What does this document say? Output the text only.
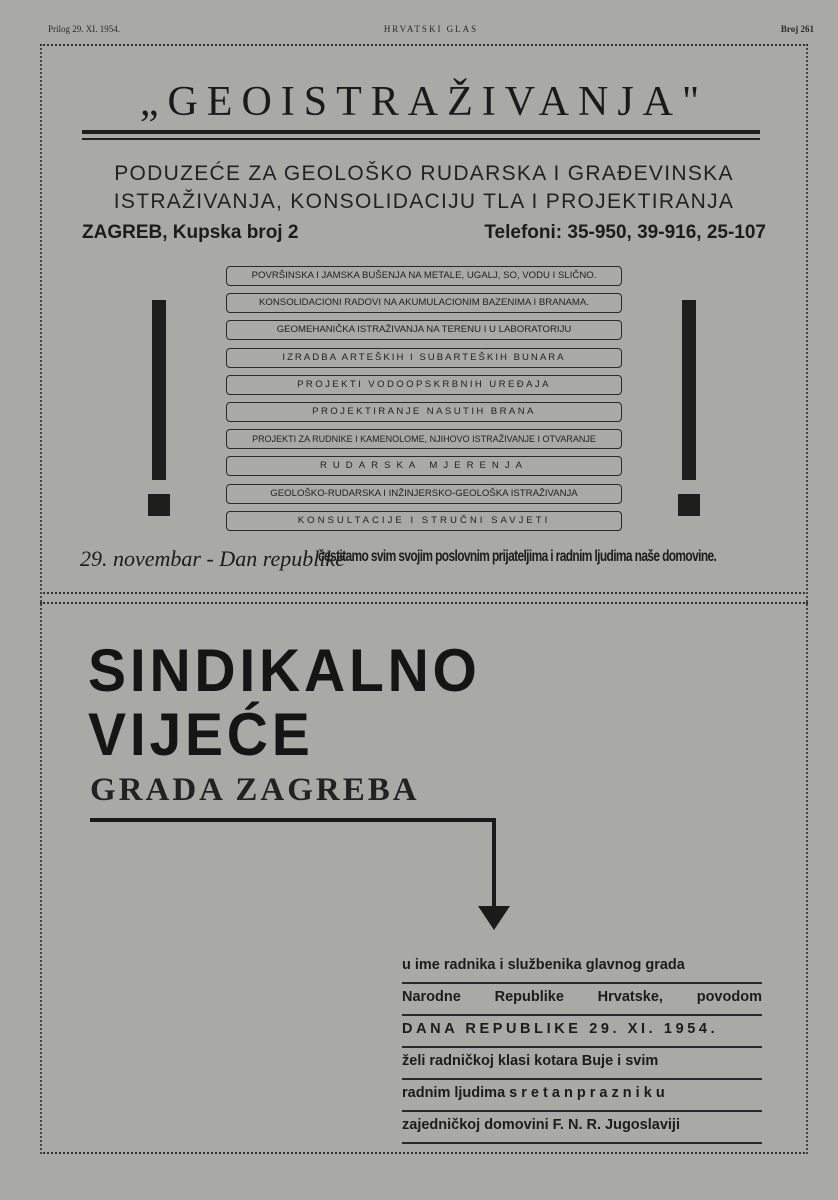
Prilog 29. XI. 1954.	HRVATSKI GLAS	Broj 261
„GEOISTRAŽIVANJA"
PODUZEĆE ZA GEOLOŠKO RUDARSKA I GRAĐEVINSKA
ISTRAŽIVANJA, KONSOLIDACIJU TLA I PROJEKTIRANJA
ZAGREB, Kupska broj 2	Telefoni: 35-950, 39-916, 25-107
POVRŠINSKA I JAMSKA BUŠENJA NA METALE, UGALJ, SO, VODU I SLIČNO.
KONSOLIDACIONI RADOVI NA AKUMULACIONIM BAZENIMA I BRANAMA.
GEOMEHANIČKA ISTRAŽIVANJA NA TERENU I U LABORATORIJU
IZRADBA ARTEŠKIH I SUBARTEŠKIH BUNARA
PROJEKTI VODOOPSKRBNIH UREĐAJA
PROJEKTIRANJE NASUTIH BRANA
PROJEKTI ZA RUDNIKE I KAMENOLOME, NJIHOVO ISTRAŽIVANJE I OTVARANJE
RUDARSKA MJERENJA
GEOLOŠKO-RUDARSKA I INŽINJERSKO-GEOLOŠKA ISTRAŽIVANJA
KONSULTACIJE I STRUČNI SAVJETI
29. novembar - Dan republike
čestitamo svim svojim poslovnim prijateljima i radnim ljudima naše domovine.
SINDIKALNO
VIJEĆE
GRADA ZAGREBA
u ime radnika i službenika glavnog grada
Narodne Republike Hrvatske, povodom
DANA REPUBLIKE 29. XI. 1954.
želi radničkoj klasi kotara Buje i svim
radnim ljudima s r e t a n p r a z n i k u
zajedničkoj domovini F. N. R. Jugoslaviji
